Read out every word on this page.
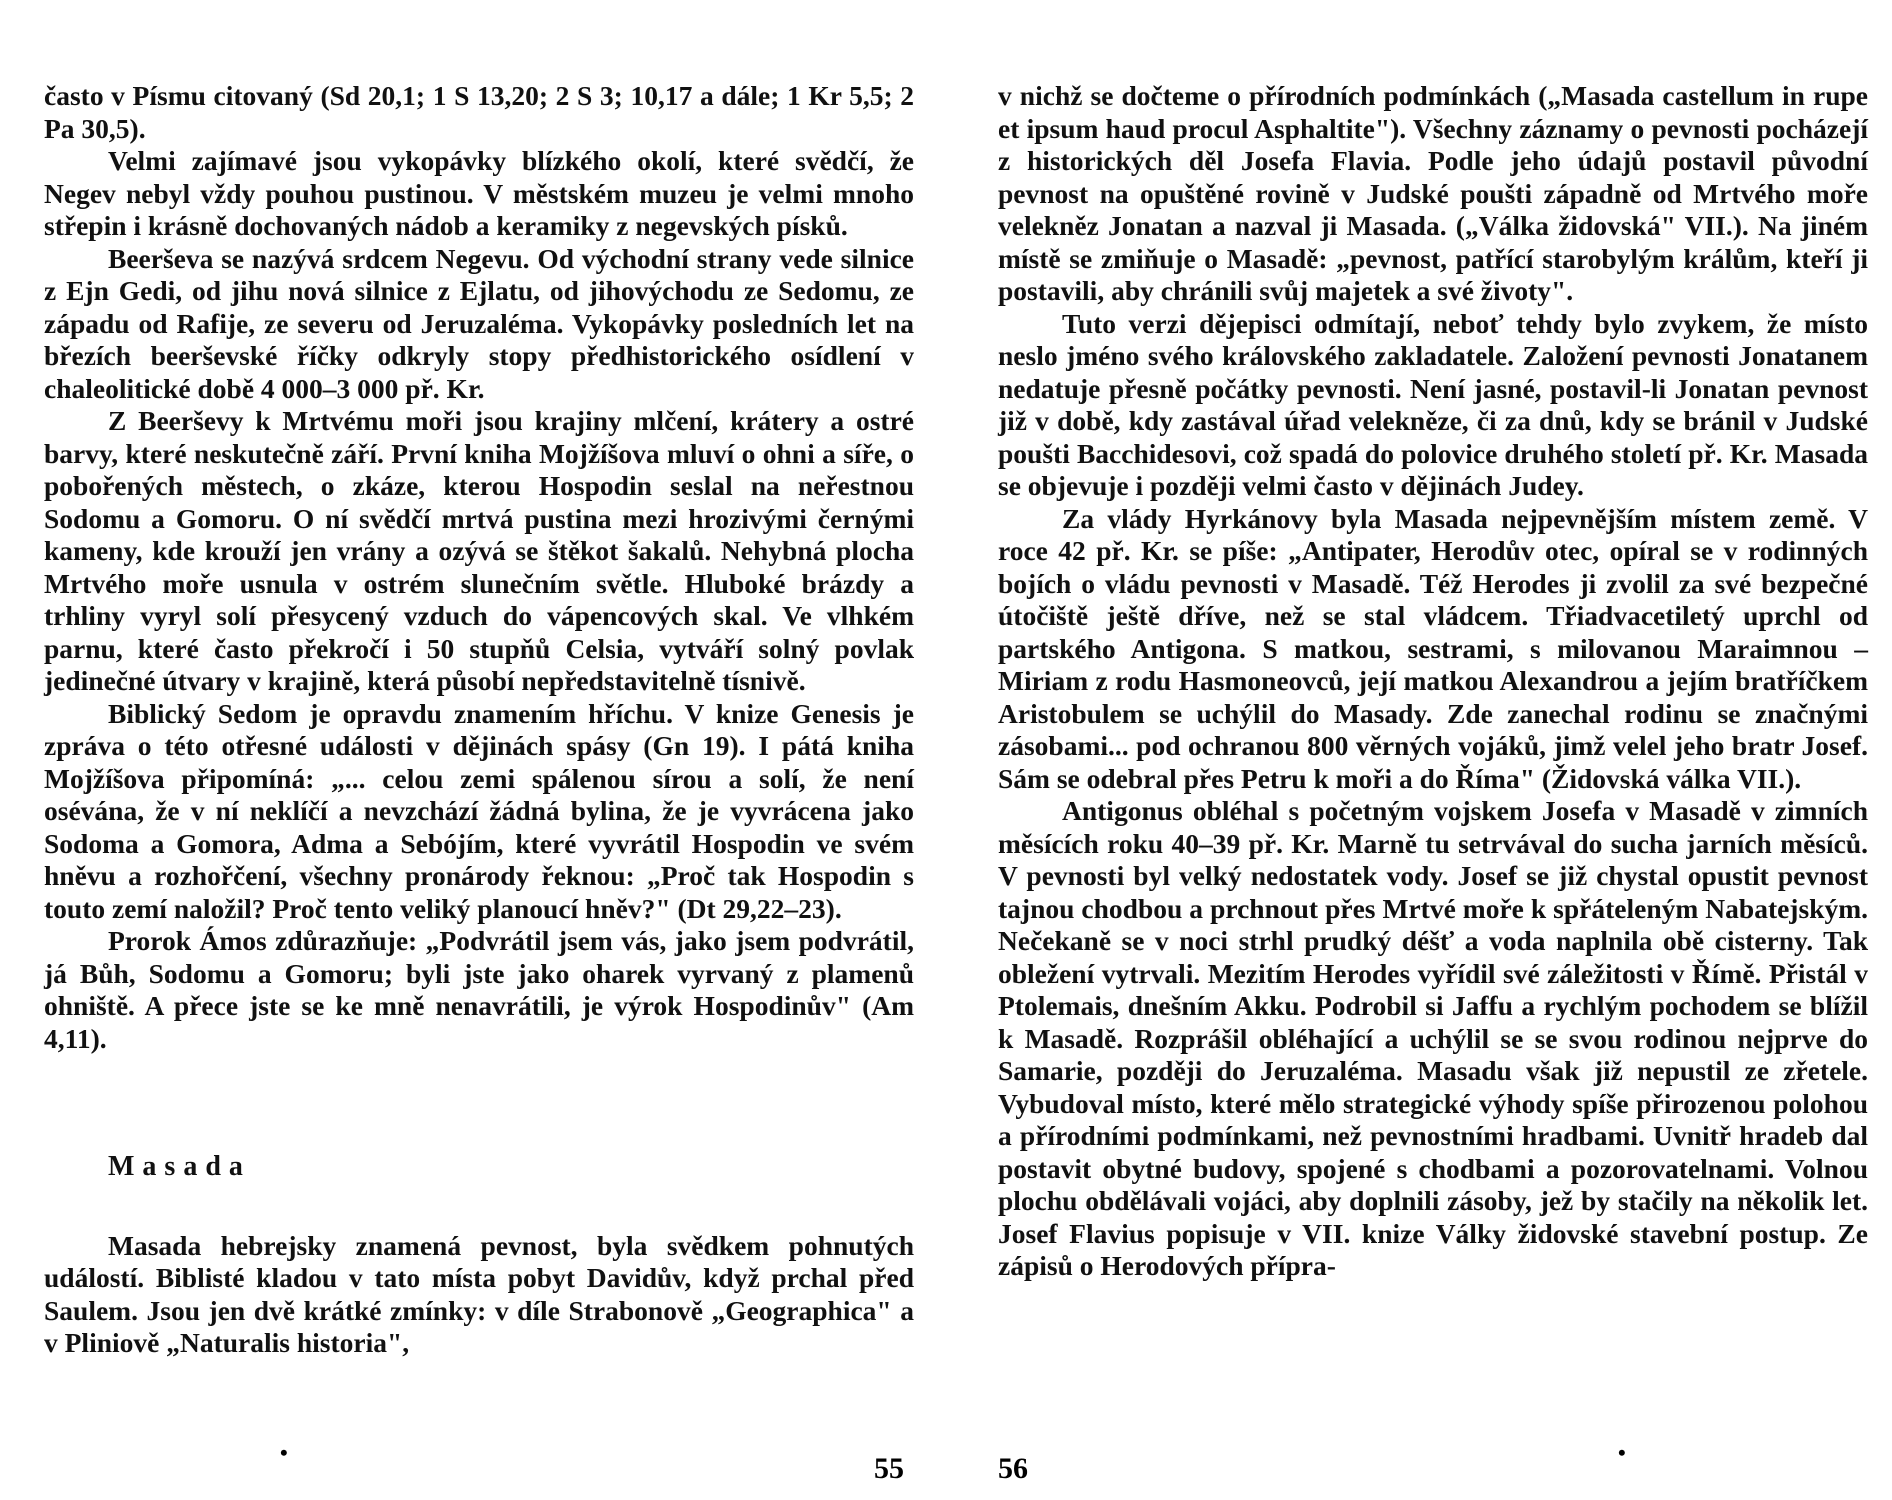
často v Písmu citovaný (Sd 20,1; 1 S 13,20; 2 S 3; 10,17 a dále; 1 Kr 5,5; 2 Pa 30,5).

Velmi zajímavé jsou vykopávky blízkého okolí, které svědčí, že Negev nebyl vždy pouhou pustinou. V městském muzeu je velmi mnoho střepin i krásně dochovaných nádob a keramiky z negevských písků.

Beerševa se nazývá srdcem Negevu. Od východní strany vede silnice z Ejn Gedi, od jihu nová silnice z Ejlatu, od jihovýchodu ze Sedomu, ze západu od Rafije, ze severu od Jeruzaléma. Vykopávky posledních let na březích beerševské říčky odkryly stopy předhistorického osídlení v chaleolitické době 4 000–3 000 př. Kr.

Z Beerševy k Mrtvému moři jsou krajiny mlčení, krátery a ostré barvy, které neskutečně září. První kniha Mojžíšova mluví o ohni a síře, o pobořených městech, o zkáze, kterou Hospodin seslal na neřestnou Sodomu a Gomoru. O ní svědčí mrtvá pustina mezi hrozivými černými kameny, kde krouží jen vrány a ozývá se štěkot šakalů. Nehybná plocha Mrtvého moře usnula v ostrém slunečním světle. Hluboké brázdy a trhliny vyryl solí přesycený vzduch do vápencových skal. Ve vlhkém parnu, které často překročí i 50 stupňů Celsia, vytváří solný povlak jedinečné útvary v krajině, která působí nepředstavitelně tísnivě.

Biblický Sedom je opravdu znamením hříchu. V knize Genesis je zpráva o této otřesné události v dějinách spásy (Gn 19). I pátá kniha Mojžíšova připomíná: „... celou zemi spálenou sírou a solí, že není osévána, že v ní neklíčí a nevzchází žádná bylina, že je vyvrácena jako Sodoma a Gomora, Adma a Sebójím, které vyvrátil Hospodin ve svém hněvu a rozhořčení, všechny pronárody řeknou: „Proč tak Hospodin s touto zemí naložil? Proč tento veliký planoucí hněv?" (Dt 29,22–23).

Prorok Ámos zdůrazňuje: „Podvrátil jsem vás, jako jsem podvrátil, já Bůh, Sodomu a Gomoru; byli jste jako oharek vyrvaný z plamenů ohniště. A přece jste se ke mně nenavrátili, je výrok Hospodinův" (Am 4,11).

Masada

Masada hebrejsky znamená pevnost, byla svědkem pohnutých událostí. Biblisté kladou v tato místa pobyt Davidův, když prchal před Saulem. Jsou jen dvě krátké zmínky: v díle Strabonově „Geographica" a v Pliniově „Naturalis historia",

•	55

v nichž se dočteme o přírodních podmínkách („Masada castellum in rupe et ipsum haud procul Asphaltite"). Všechny záznamy o pevnosti pocházejí z historických děl Josefa Flavia. Podle jeho údajů postavil původní pevnost na opuštěné rovině v Judské poušti západně od Mrtvého moře velekněz Jonatan a nazval ji Masada. („Válka židovská" VII.). Na jiném místě se zmiňuje o Masadě: „pevnost, patřící starobylým králům, kteří ji postavili, aby chránili svůj majetek a své životy".

Tuto verzi dějepisci odmítají, neboť tehdy bylo zvykem, že místo neslo jméno svého královského zakladatele. Založení pevnosti Jonatanem nedatuje přesně počátky pevnosti. Není jasné, postavil-li Jonatan pevnost již v době, kdy zastával úřad velekněze, či za dnů, kdy se bránil v Judské poušti Bacchidesovi, což spadá do polovice druhého století př. Kr. Masada se objevuje i později velmi často v dějinách Judey.

Za vlády Hyrkánovy byla Masada nejpevnějším místem země. V roce 42 př. Kr. se píše: „Antipater, Herodův otec, opíral se v rodinných bojích o vládu pevnosti v Masadě. Též Herodes ji zvolil za své bezpečné útočiště ještě dříve, než se stal vládcem. Třiadvacetiletý uprchl od partského Antigona. S matkou, sestrami, s milovanou Maraimnou – Miriam z rodu Hasmoneovců, její matkou Alexandrou a jejím bratříčkem Aristobulem se uchýlil do Masady. Zde zanechal rodinu se značnými zásobami... pod ochranou 800 věrných vojáků, jimž velel jeho bratr Josef. Sám se odebral přes Petru k moři a do Říma" (Židovská válka VII.).

Antigonus obléhal s početným vojskem Josefa v Masadě v zimních měsících roku 40–39 př. Kr. Marně tu setrvával do sucha jarních měsíců. V pevnosti byl velký nedostatek vody. Josef se již chystal opustit pevnost tajnou chodbou a prchnout přes Mrtvé moře k spřáteleným Nabatejským. Nečekaně se v noci strhl prudký déšť a voda naplnila obě cisterny. Tak obležení vytrvali. Mezitím Herodes vyřídil své záležitosti v Římě. Přistál v Ptolemais, dnešním Akku. Podrobil si Jaffu a rychlým pochodem se blížil k Masadě. Rozprášil obléhající a uchýlil se se svou rodinou nejprve do Samarie, později do Jeruzaléma. Masadu však již nepustil ze zřetele. Vybudoval místo, které mělo strategické výhody spíše přirozenou polohou a přírodními podmínkami, než pevnostními hradbami. Uvnitř hradeb dal postavit obytné budovy, spojené s chodbami a pozorovatelnami. Volnou plochu obdělávali vojáci, aby doplnili zásoby, jež by stačily na několik let. Josef Flavius popisuje v VII. knize Války židovské stavební postup. Ze zápisů o Herodových přípra-

•
56
